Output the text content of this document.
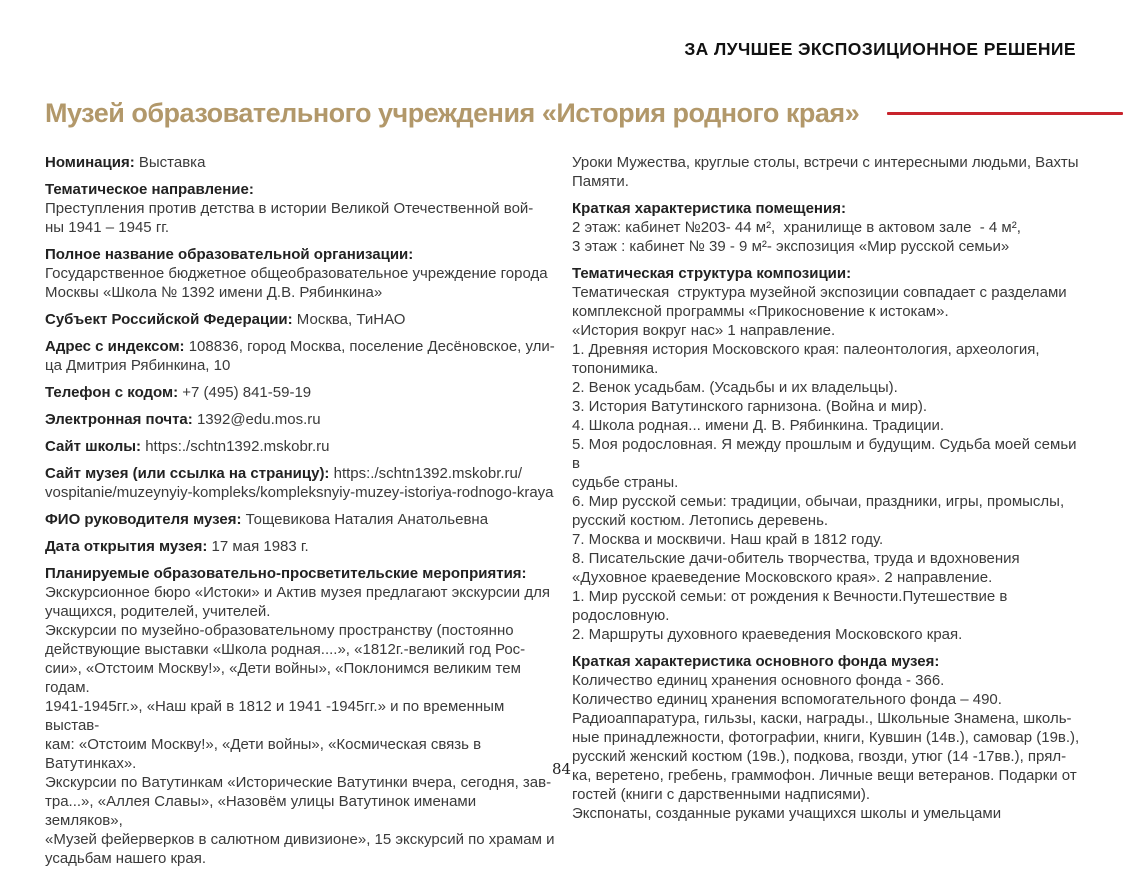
ЗА ЛУЧШЕЕ ЭКСПОЗИЦИОННОЕ РЕШЕНИЕ
Музей образовательного учреждения «История родного края»
Номинация: Выставка
Тематическое направление:
Преступления против детства в истории Великой Отечественной вой-
ны 1941 – 1945 гг.
Полное название образовательной организации:
Государственное бюджетное общеобразовательное учреждение города
Москвы «Школа № 1392 имени Д.В. Рябинкина»
Субъект Российской Федерации: Москва, ТиНАО
Адрес с индексом: 108836, город Москва, поселение Десёновское, ули-
ца Дмитрия Рябинкина, 10
Телефон с кодом: +7 (495) 841-59-19
Электронная почта: 1392@edu.mos.ru
Сайт школы: https:./schtn1392.mskobr.ru
Сайт музея (или ссылка на страницу): https:./schtn1392.mskobr.ru/
vospitanie/muzeynyiy-kompleks/kompleksnyiy-muzey-istoriya-rodnogo-kraya
ФИО руководителя музея: Тощевикова Наталия Анатольевна
Дата открытия музея: 17 мая 1983 г.
Планируемые образовательно-просветительские мероприятия:
Экскурсионное бюро «Истоки» и Актив музея предлагают экскурсии для
учащихся, родителей, учителей.
Экскурсии по музейно-образовательному пространству (постоянно
действующие выставки «Школа родная....», «1812г.-великий год Рос-
сии», «Отстоим Москву!», «Дети войны», «Поклонимся великим тем годам.
1941-1945гг.», «Наш край в 1812 и 1941 -1945гг.» и по временным выстав-
кам: «Отстоим Москву!», «Дети войны», «Космическая связь в Ватутинках».
Экскурсии по Ватутинкам «Исторические Ватутинки вчера, сегодня, зав-
тра...», «Аллея Славы», «Назовём улицы Ватутинок именами земляков»,
«Музей фейерверков в салютном дивизионе», 15 экскурсий по храмам и
усадьбам нашего края.
Уроки Мужества, круглые столы, встречи с интересными людьми, Вахты
Памяти.
Краткая характеристика помещения:
2 этаж: кабинет №203- 44 м²,  хранилище в актовом зале  - 4 м²,
3 этаж : кабинет № 39 - 9 м²- экспозиция «Мир русской семьи»
Тематическая структура композиции:
Тематическая  структура музейной экспозиции совпадает с разделами
комплексной программы «Прикосновение к истокам».
«История вокруг нас» 1 направление.
1. Древняя история Московского края: палеонтология, археология,
топонимика.
2. Венок усадьбам. (Усадьбы и их владельцы).
3. История Ватутинского гарнизона. (Война и мир).
4. Школа родная... имени Д. В. Рябинкина. Традиции.
5. Моя родословная. Я между прошлым и будущим. Судьба моей семьи в
судьбе страны.
6. Мир русской семьи: традиции, обычаи, праздники, игры, промыслы,
русский костюм. Летопись деревень.
7. Москва и москвичи. Наш край в 1812 году.
8. Писательские дачи-обитель творчества, труда и вдохновения
«Духовное краеведение Московского края». 2 направление.
1. Мир русской семьи: от рождения к Вечности.Путешествие в родословную.
2. Маршруты духовного краеведения Московского края.
Краткая характеристика основного фонда музея:
Количество единиц хранения основного фонда - 366.
Количество единиц хранения вспомогательного фонда – 490.
Радиоаппаратура, гильзы, каски, награды., Школьные Знамена, школь-
ные принадлежности, фотографии, книги, Кувшин (14в.), самовар (19в.),
русский женский костюм (19в.), подкова, гвозди, утюг (14 -17вв.), прял-
ка, веретено, гребень, граммофон. Личные вещи ветеранов. Подарки от
гостей (книги с дарственными надписями).
Экспонаты, созданные руками учащихся школы и умельцами
84
